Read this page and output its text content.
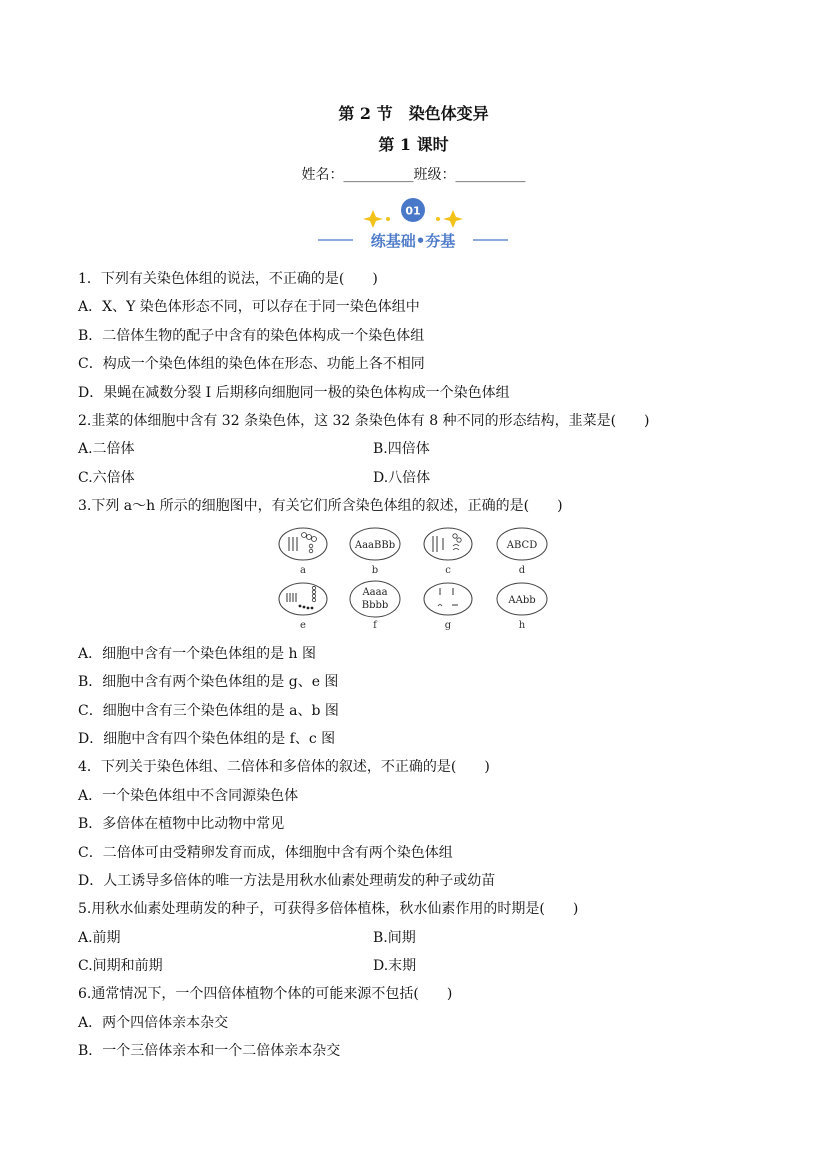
第 2 节　染色体变异
第 1 课时
姓名：__________班级：__________
01
练基础•夯基
1．下列有关染色体组的说法，不正确的是(　　)
A．X、Y 染色体形态不同，可以存在于同一染色体组中
B．二倍体生物的配子中含有的染色体构成一个染色体组
C．构成一个染色体组的染色体在形态、功能上各不相同
D．果蝇在减数分裂 I 后期移向细胞同一极的染色体构成一个染色体组
2.韭菜的体细胞中含有 32 条染色体，这 32 条染色体有 8 种不同的形态结构，韭菜是(　　)
A.二倍体	B.四倍体
C.六倍体	D.八倍体
3.下列 a～h 所示的细胞图中，有关它们所含染色体组的叙述，正确的是(　　)
a
AaaBBb
b	c
ABCD
d
e
Aaaa
Bbbb
f	g
AAbb
h
A．细胞中含有一个染色体组的是 h 图
B．细胞中含有两个染色体组的是 g、e 图
C．细胞中含有三个染色体组的是 a、b 图
D．细胞中含有四个染色体组的是 f、c 图
4．下列关于染色体组、二倍体和多倍体的叙述，不正确的是(　　)
A．一个染色体组中不含同源染色体
B．多倍体在植物中比动物中常见
C．二倍体可由受精卵发育而成，体细胞中含有两个染色体组
D．人工诱导多倍体的唯一方法是用秋水仙素处理萌发的种子或幼苗
5.用秋水仙素处理萌发的种子，可获得多倍体植株，秋水仙素作用的时期是(　　)
A.前期	B.间期
C.间期和前期	D.末期
6.通常情况下，一个四倍体植物个体的可能来源不包括(　　)
A．两个四倍体亲本杂交
B．一个三倍体亲本和一个二倍体亲本杂交
